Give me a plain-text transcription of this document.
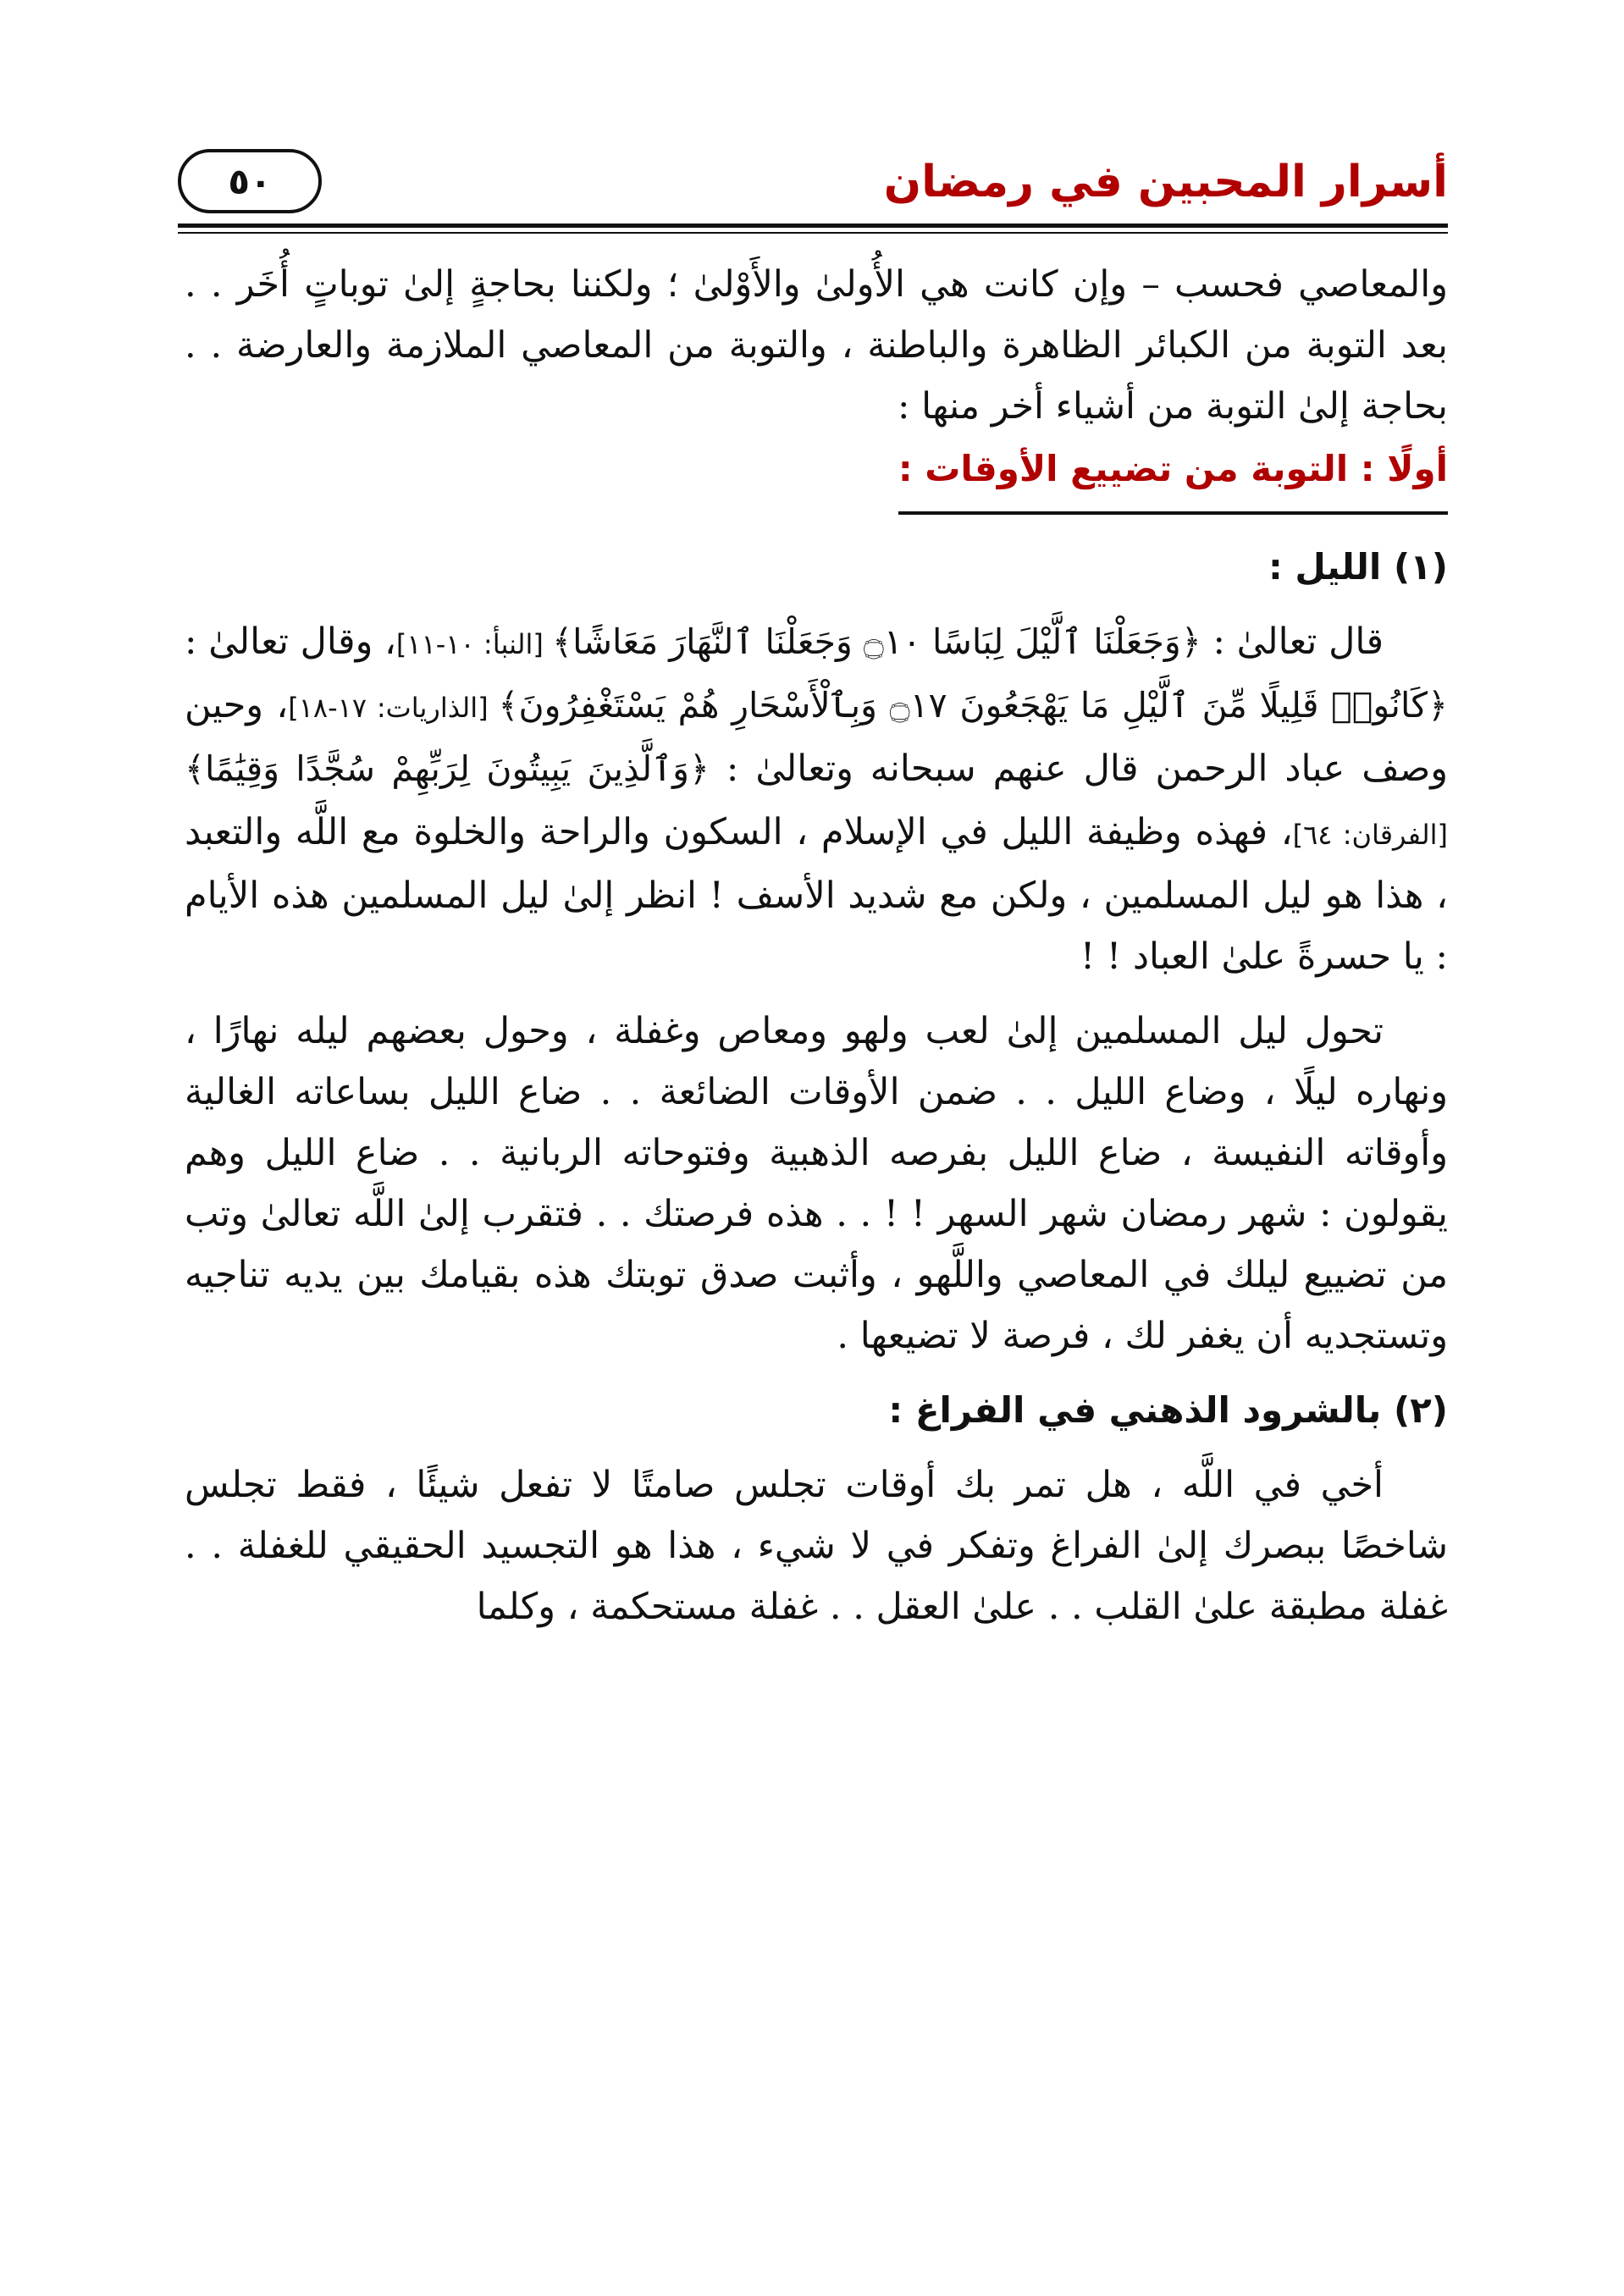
أسرار المحبين في رمضان
٥٠

والمعاصي فحسب – وإن كانت هي الأُولىٰ والأَوْلىٰ ؛ ولكننا بحاجةٍ إلىٰ توباتٍ أُخَر . . بعد التوبة من الكبائر الظاهرة والباطنة ، والتوبة من المعاصي الملازمة والعارضة . . بحاجة إلىٰ التوبة من أشياء أخر منها :

أولًا : التوبة من تضييع الأوقات :

(١) الليل :

قال تعالىٰ : ﴿وَجَعَلْنَا ٱلَّيْلَ لِبَاسًا ۝١٠ وَجَعَلْنَا ٱلنَّهَارَ مَعَاشًا﴾ [النبأ: ١٠-١١]، وقال تعالىٰ : ﴿كَانُوا۟ قَلِيلًا مِّنَ ٱلَّيْلِ مَا يَهْجَعُونَ ۝١٧ وَبِٱلْأَسْحَارِ هُمْ يَسْتَغْفِرُونَ﴾ [الذاريات: ١٧-١٨]، وحين وصف عباد الرحمن قال عنهم سبحانه وتعالىٰ : ﴿وَٱلَّذِينَ يَبِيتُونَ لِرَبِّهِمْ سُجَّدًا وَقِيَٰمًا﴾ [الفرقان: ٦٤]، فهذه وظيفة الليل في الإسلام ، السكون والراحة والخلوة مع اللَّه والتعبد ، هذا هو ليل المسلمين ، ولكن مع شديد الأسف ! انظر إلىٰ ليل المسلمين هذه الأيام : يا حسرةً علىٰ العباد ! !

تحول ليل المسلمين إلىٰ لعب ولهو ومعاص وغفلة ، وحول بعضهم ليله نهارًا ، ونهاره ليلًا ، وضاع الليل . . ضمن الأوقات الضائعة . . ضاع الليل بساعاته الغالية وأوقاته النفيسة ، ضاع الليل بفرصه الذهبية وفتوحاته الربانية . . ضاع الليل وهم يقولون : شهر رمضان شهر السهر ! ! . . هذه فرصتك . . فتقرب إلىٰ اللَّه تعالىٰ وتب من تضييع ليلك في المعاصي واللَّهو ، وأثبت صدق توبتك هذه بقيامك بين يديه تناجيه وتستجديه أن يغفر لك ، فرصة لا تضيعها .

(٢) بالشرود الذهني في الفراغ :

أخي في اللَّه ، هل تمر بك أوقات تجلس صامتًا لا تفعل شيئًا ، فقط تجلس شاخصًا ببصرك إلىٰ الفراغ وتفكر في لا شيء ، هذا هو التجسيد الحقيقي للغفلة . . غفلة مطبقة علىٰ القلب . . علىٰ العقل . . غفلة مستحكمة ، وكلما
